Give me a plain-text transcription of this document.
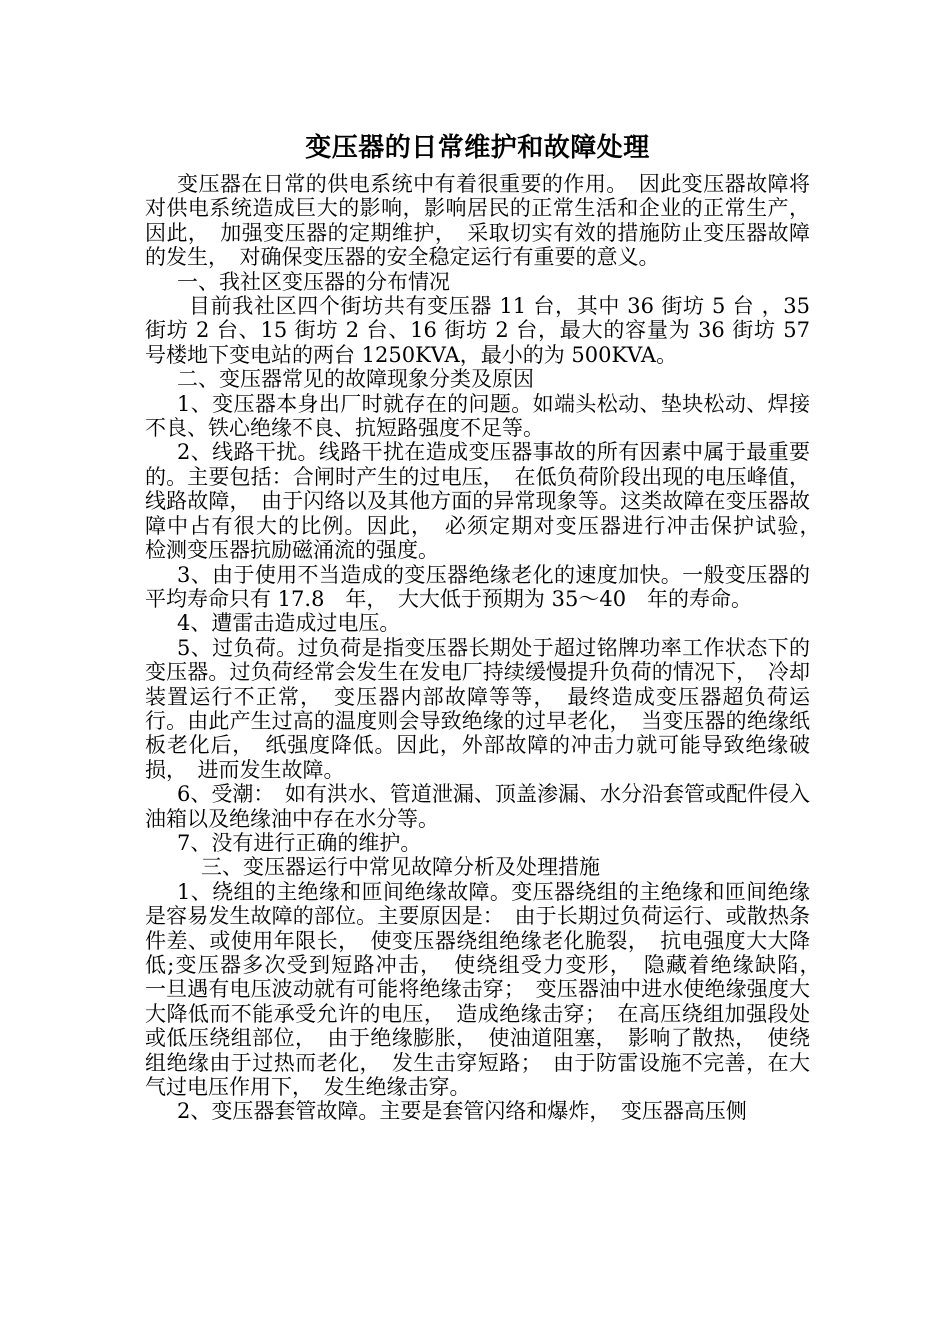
变压器的日常维护和故障处理

变压器在日常的供电系统中有着很重要的作用。　因此变压器故障将对供电系统造成巨大的影响，影响居民的正常生活和企业的正常生产，因此，　加强变压器的定期维护，　采取切实有效的措施防止变压器故障的发生，　对确保变压器的安全稳定运行有重要的意义。

一、我社区变压器的分布情况

目前我社区四个街坊共有变压器 11 台，其中 36 街坊 5 台 ，35 街坊 2 台、15 街坊 2 台、16 街坊 2 台，最大的容量为 36 街坊 57 号楼地下变电站的两台 1250KVA，最小的为 500KVA。

二、变压器常见的故障现象分类及原因

1、变压器本身出厂时就存在的问题。如端头松动、垫块松动、焊接不良、铁心绝缘不良、抗短路强度不足等。

2、线路干扰。线路干扰在造成变压器事故的所有因素中属于最重要的。主要包括：合闸时产生的过电压，　在低负荷阶段出现的电压峰值，线路故障，　由于闪络以及其他方面的异常现象等。这类故障在变压器故障中占有很大的比例。因此，　必须定期对变压器进行冲击保护试验，　检测变压器抗励磁涌流的强度。

3、由于使用不当造成的变压器绝缘老化的速度加快。一般变压器的平均寿命只有 17.8　年，　大大低于预期为 35～40　年的寿命。

4、遭雷击造成过电压。

5、过负荷。过负荷是指变压器长期处于超过铭牌功率工作状态下的变压器。过负荷经常会发生在发电厂持续缓慢提升负荷的情况下，　冷却装置运行不正常，　变压器内部故障等等，　最终造成变压器超负荷运行。由此产生过高的温度则会导致绝缘的过早老化，　当变压器的绝缘纸板老化后，　纸强度降低。因此，外部故障的冲击力就可能导致绝缘破损，　进而发生故障。

6、受潮：　如有洪水、管道泄漏、顶盖渗漏、水分沿套管或配件侵入油箱以及绝缘油中存在水分等。

7、没有进行正确的维护。

三、变压器运行中常见故障分析及处理措施

1、绕组的主绝缘和匝间绝缘故障。变压器绕组的主绝缘和匝间绝缘是容易发生故障的部位。主要原因是：　由于长期过负荷运行、或散热条件差、或使用年限长，　使变压器绕组绝缘老化脆裂，　抗电强度大大降低;变压器多次受到短路冲击，　使绕组受力变形，　隐藏着绝缘缺陷，　一旦遇有电压波动就有可能将绝缘击穿；　变压器油中进水使绝缘强度大大降低而不能承受允许的电压，　造成绝缘击穿；　在高压绕组加强段处或低压绕组部位，　由于绝缘膨胀，　使油道阻塞，　影响了散热，　使绕组绝缘由于过热而老化，　发生击穿短路；　由于防雷设施不完善，在大气过电压作用下，　发生绝缘击穿。

2、变压器套管故障。主要是套管闪络和爆炸，　变压器高压侧
